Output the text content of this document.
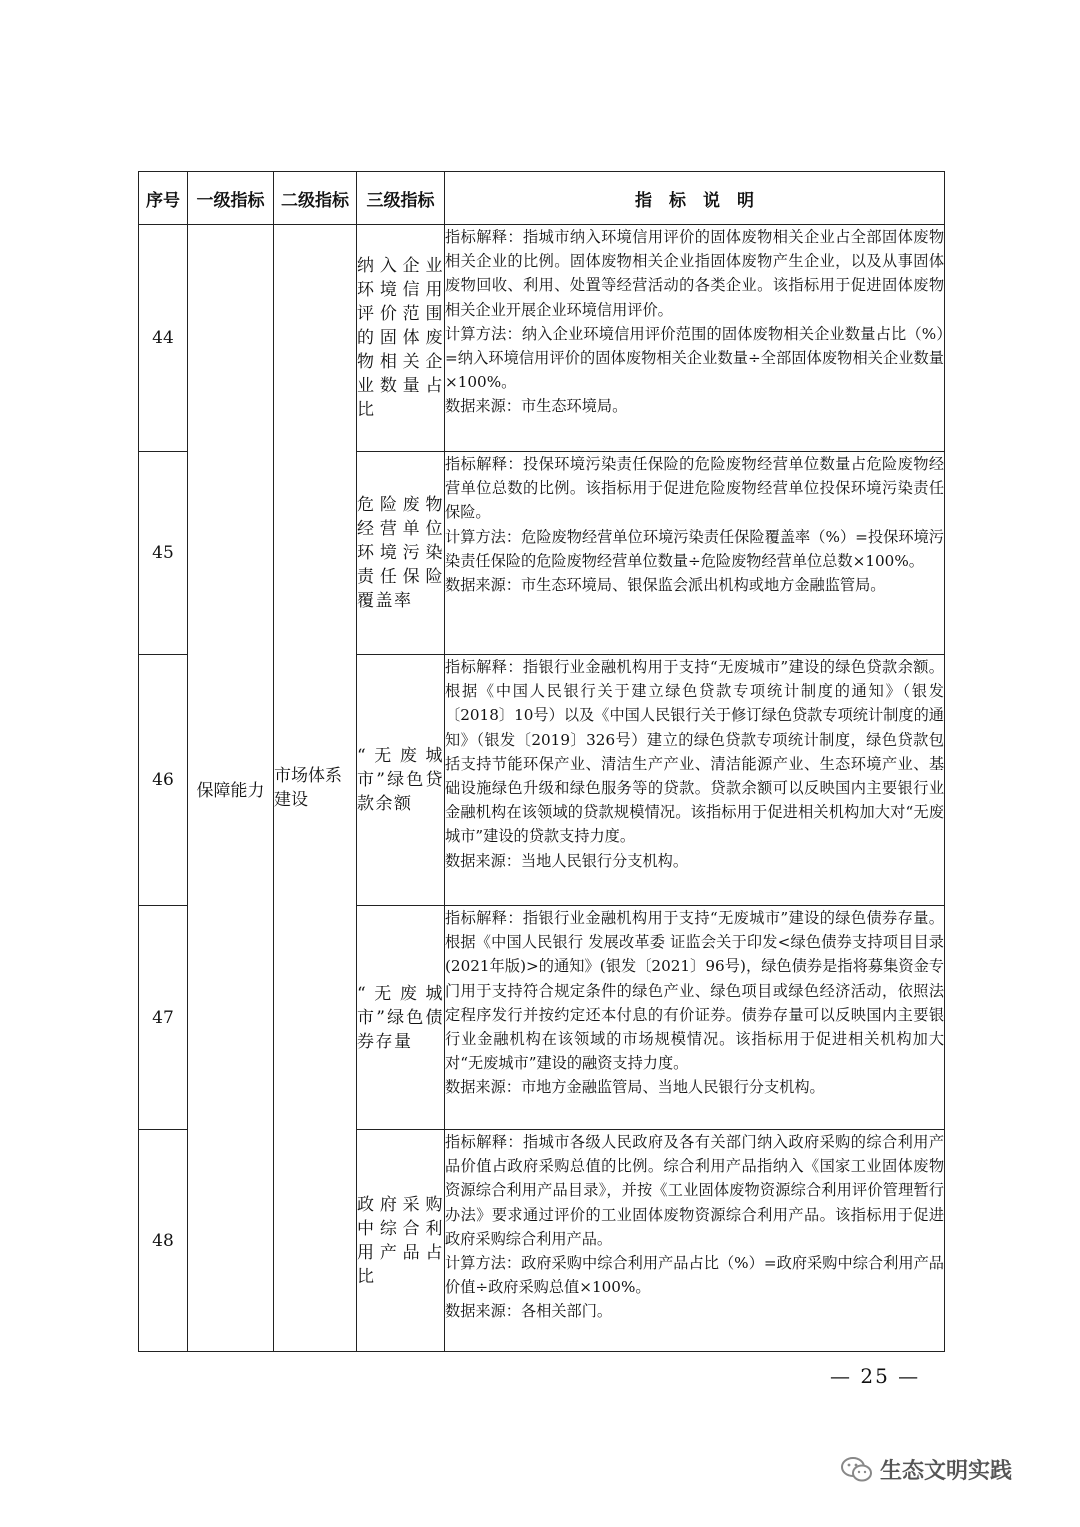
序号	一级指标	二级指标	三级指标	指　标　说　明
44	保障能力	市场体系建设	纳入企业环境信用评价范围的固体废物相关企业数量占比	指标解释：指城市纳入环境信用评价的固体废物相关企业占全部固体废物相关企业的比例。固体废物相关企业指固体废物产生企业，以及从事固体废物回收、利用、处置等经营活动的各类企业。该指标用于促进固体废物相关企业开展企业环境信用评价。

计算方法：纳入企业环境信用评价范围的固体废物相关企业数量占比（%）=纳入环境信用评价的固体废物相关企业数量÷全部固体废物相关企业数量×100%。

数据来源：市生态环境局。

45			危险废物经营单位环境污染责任保险覆盖率	指标解释：投保环境污染责任保险的危险废物经营单位数量占危险废物经营单位总数的比例。该指标用于促进危险废物经营单位投保环境污染责任保险。

计算方法：危险废物经营单位环境污染责任保险覆盖率（%）=投保环境污染责任保险的危险废物经营单位数量÷危险废物经营单位总数×100%。

数据来源：市生态环境局、银保监会派出机构或地方金融监管局。

46			“无废城市”绿色贷款余额	指标解释：指银行业金融机构用于支持“无废城市”建设的绿色贷款余额。根据《中国人民银行关于建立绿色贷款专项统计制度的通知》（银发〔2018〕10号）以及《中国人民银行关于修订绿色贷款专项统计制度的通知》（银发〔2019〕326号）建立的绿色贷款专项统计制度，绿色贷款包括支持节能环保产业、清洁生产产业、清洁能源产业、生态环境产业、基础设施绿色升级和绿色服务等的贷款。贷款余额可以反映国内主要银行业金融机构在该领域的贷款规模情况。该指标用于促进相关机构加大对“无废城市”建设的贷款支持力度。

数据来源：当地人民银行分支机构。

47			“无废城市”绿色债券存量	指标解释：指银行业金融机构用于支持“无废城市”建设的绿色债券存量。根据《中国人民银行 发展改革委 证监会关于印发<绿色债券支持项目目录(2021年版)>的通知》(银发〔2021〕96号)，绿色债券是指将募集资金专门用于支持符合规定条件的绿色产业、绿色项目或绿色经济活动，依照法定程序发行并按约定还本付息的有价证券。债券存量可以反映国内主要银行业金融机构在该领域的市场规模情况。该指标用于促进相关机构加大对“无废城市”建设的融资支持力度。

数据来源：市地方金融监管局、当地人民银行分支机构。

48			政府采购中综合利用产品占比	指标解释：指城市各级人民政府及各有关部门纳入政府采购的综合利用产品价值占政府采购总值的比例。综合利用产品指纳入《国家工业固体废物资源综合利用产品目录》，并按《工业固体废物资源综合利用评价管理暂行办法》要求通过评价的工业固体废物资源综合利用产品。该指标用于促进政府采购综合利用产品。

计算方法：政府采购中综合利用产品占比（%）=政府采购中综合利用产品价值÷政府采购总值×100%。

数据来源：各相关部门。

— 25 —
生态文明实践
